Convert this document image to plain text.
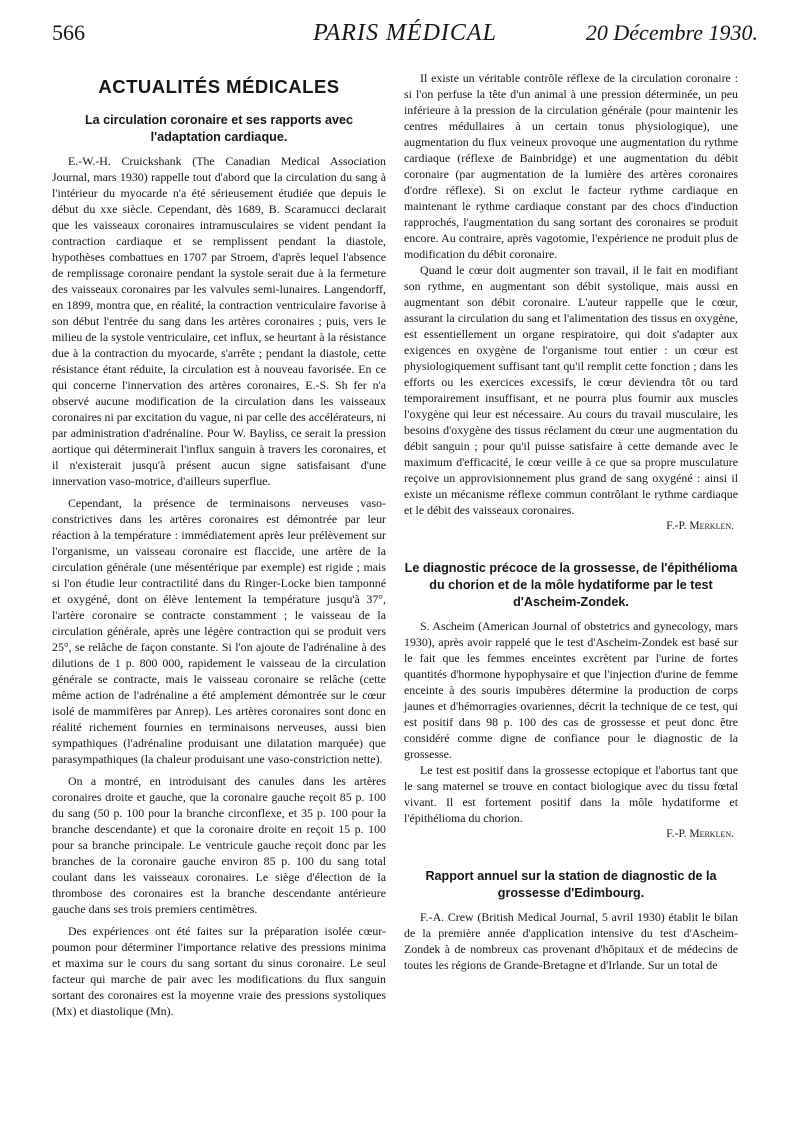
566	PARIS MÉDICAL	20 Décembre 1930.
ACTUALITÉS MÉDICALES
La circulation coronaire et ses rapports avec l'adaptation cardiaque.

E.-W.-H. Cruickshank (The Canadian Medical Association Journal, mars 1930) rappelle tout d'abord que la circulation du sang à l'intérieur du myocarde n'a été sérieusement étudiée que depuis le début du xxe siècle. Cependant, dès 1689, B. Scaramucci declarait que les vaisseaux coronaires intramusculaires se vident pendant la contraction cardiaque et se remplissent pendant la diastole, hypothèses combattues en 1707 par Stroem, d'après lequel l'absence de remplissage coronaire pendant la systole serait due à la fermeture des vaisseaux coronaires par les valvules semi-lunaires. Langendorff, en 1899, montra que, en réalité, la contraction ventriculaire favorise à son début l'entrée du sang dans les artères coronaires ; puis, vers le milieu de la systole ventriculaire, cet influx, se heurtant à la résistance due à la contraction du myocarde, s'arrête ; pendant la diastole, cette résistance étant réduite, la circulation est à nouveau favorisée. En ce qui concerne l'innervation des artères coronaires, E.-S. Sh fer n'a observé aucune modification de la circulation dans les vaisseaux coronaires ni par excitation du vague, ni par celle des accélérateurs, ni par administration d'adrénaline. Pour W. Bayliss, ce serait la pression aortique qui déterminerait l'influx sanguin à travers les coronaires, et il n'existerait jusqu'à présent aucun signe satisfaisant d'une innervation vaso-motrice, d'ailleurs superflue.

Cependant, la présence de terminaisons nerveuses vaso-constrictives dans les artères coronaires est démontrée par leur réaction à la température : immédiatement après leur prélèvement sur l'organisme, un vaisseau coronaire est flaccide, une artère de la circulation générale (une mésentérique par exemple) est rigide ; mais si l'on étudie leur contractilité dans du Ringer-Locke bien tamponné et oxygéné, dont on élève lentement la température jusqu'à 37°, l'artère coronaire se contracte constamment ; le vaisseau de la circulation générale, après une légère contraction qui se produit vers 25°, se relâche de façon constante. Si l'on ajoute de l'adrénaline à des dilutions de 1 p. 800 000, rapidement le vaisseau de la circulation générale se contracte, mais le vaisseau coronaire se relâche (cette même action de l'adrénaline a été amplement démontrée sur le cœur isolé de mammifères par Anrep). Les artères coronaires sont donc en réalité richement fournies en terminaisons nerveuses, aussi bien sympathiques (l'adrénaline produisant une dilatation marquée) que parasympathiques (la chaleur produisant une vaso-constriction nette).

On a montré, en introduisant des canules dans les artères coronaires droite et gauche, que la coronaire gauche reçoit 85 p. 100 du sang (50 p. 100 pour la branche circonflexe, et 35 p. 100 pour la branche descendante) et que la coronaire droite en reçoit 15 p. 100 pour sa branche principale. Le ventricule gauche reçoit donc par les branches de la coronaire gauche environ 85 p. 100 du sang total coulant dans les vaisseaux coronaires. Le siège d'élection de la thrombose des coronaires est la branche descendante antérieure gauche dans ses trois premiers centimètres.

Des expériences ont été faites sur la préparation isolée cœur-poumon pour déterminer l'importance relative des pressions minima et maxima sur le cours du sang sortant du sinus coronaire. Le seul facteur qui marche de pair avec les modifications du flux sanguin sortant des coronaires est la moyenne vraie des pressions systoliques (Mx) et diastolique (Mn).

Il existe un véritable contrôle réflexe de la circulation coronaire : si l'on perfuse la tête d'un animal à une pression déterminée, un peu inférieure à la pression de la circulation générale (pour maintenir les centres médullaires à un certain tonus physiologique), une augmentation du flux veineux provoque une augmentation du rythme cardiaque (réflexe de Bainbridge) et une augmentation du débit coronaire (par augmentation de la lumière des artères coronaires d'ordre réflexe). Si on exclut le facteur rythme cardiaque en maintenant le rythme cardiaque constant par des chocs d'induction rapprochés, l'augmentation du sang sortant des coronaires se produit encore. Au contraire, après vagotomie, l'expérience ne produit plus de modification du débit coronaire.

Quand le cœur doit augmenter son travail, il le fait en modifiant son rythme, en augmentant son débit systolique, mais aussi en augmentant son débit coronaire. L'auteur rappelle que le cœur, assurant la circulation du sang et l'alimentation des tissus en oxygène, est essentiellement un organe respiratoire, qui doit s'adapter aux exigences en oxygène de l'organisme tout entier : un cœur est physiologiquement suffisant tant qu'il remplit cette fonction ; dans les efforts ou les exercices excessifs, le cœur deviendra tôt ou tard temporairement insuffisant, et ne pourra plus fournir aux muscles l'oxygène qui leur est nécessaire. Au cours du travail musculaire, les besoins d'oxygène des tissus réclament du cœur une augmentation du débit sanguin ; pour qu'il puisse satisfaire à cette demande avec le maximum d'efficacité, le cœur veille à ce que sa propre musculature reçoive un approvisionnement plus grand de sang oxygéné : ainsi il existe un mécanisme réflexe commun contrôlant le rythme cardiaque et le débit des vaisseaux coronaires.

F.-P. Merklen.
Le diagnostic précoce de la grossesse, de l'épithélioma du chorion et de la môle hydatiforme par le test d'Ascheim-Zondek.

S. Ascheim (American Journal of obstetrics and gynecology, mars 1930), après avoir rappelé que le test d'Ascheim-Zondek est basé sur le fait que les femmes enceintes excrètent par l'urine de fortes quantités d'hormone hypophysaire et que l'injection d'urine de femme enceinte à des souris impubères détermine la production de corps jaunes et d'hémorragies ovariennes, décrit la technique de ce test, qui est positif dans 98 p. 100 des cas de grossesse et peut donc être considéré comme digne de confiance pour le diagnostic de la grossesse.

Le test est positif dans la grossesse ectopique et l'abortus tant que le sang maternel se trouve en contact biologique avec du tissu fœtal vivant. Il est fortement positif dans la môle hydatiforme et l'épithélioma du chorion.

F.-P. Merklen.
Rapport annuel sur la station de diagnostic de la grossesse d'Edimbourg.

F.-A. Crew (British Medical Journal, 5 avril 1930) établit le bilan de la première année d'application intensive du test d'Ascheim-Zondek à de nombreux cas provenant d'hôpitaux et de médecins de toutes les régions de Grande-Bretagne et d'Irlande. Sur un total de
